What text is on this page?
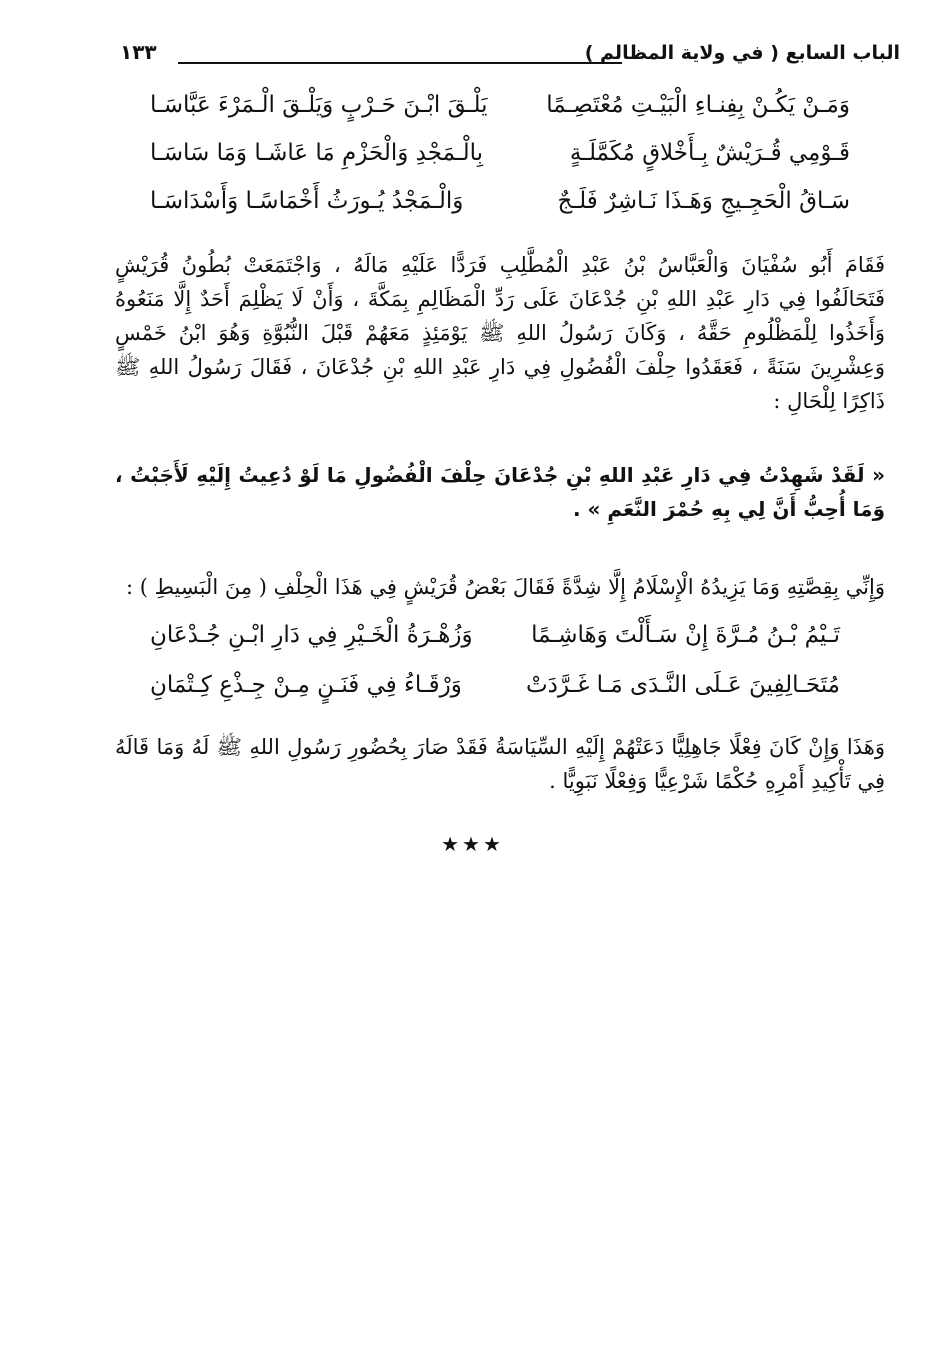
الباب السابع ( في ولاية المظالم )
١٣٣
وَمَـنْ يَكُـنْ بِفِنـاءِ الْبَيْـتِ مُعْتَصِـمًا
يَلْـقَ ابْـنَ حَـرْبٍ وَيَلْـقَ الْـمَرْءَ عَبَّاسَـا
قَـوْمِي قُـرَيْشٌ بِـأَخْلاقٍ مُكَمَّلَـةٍ
بِالْـمَجْدِ وَالْحَزْمِ مَا عَاشَـا وَمَا سَاسَـا
سَـاقُ الْحَجِـيجِ وَهَـذَا نَـاشِرٌ فَلَـجٌ
وَالْـمَجْدُ يُـورَثُ أَخْمَاسًـا وَأَسْدَاسَـا

فَقَامَ أَبُو سُفْيَانَ وَالْعَبَّاسُ بْنُ عَبْدِ الْمُطَّلِبِ فَرَدًّا عَلَيْهِ مَالَهُ ، وَاجْتَمَعَتْ بُطُونُ قُرَيْشٍ فَتَحَالَفُوا فِي دَارِ عَبْدِ اللهِ بْنِ جُدْعَانَ عَلَى رَدِّ الْمَظَالِمِ بِمَكَّةَ ، وَأَنْ لَا يَظْلِمَ أَحَدٌ إِلَّا مَنَعُوهُ وَأَخَذُوا لِلْمَظْلُومِ حَقَّهُ ، وَكَانَ رَسُولُ اللهِ ﷺ يَوْمَئِذٍ مَعَهُمْ قَبْلَ النُّبُوَّةِ وَهُوَ ابْنُ خَمْسٍ وَعِشْرِينَ سَنَةً ، فَعَقَدُوا حِلْفَ الْفُضُولِ فِي دَارِ عَبْدِ اللهِ بْنِ جُدْعَانَ ، فَقَالَ رَسُولُ اللهِ ﷺ ذَاكِرًا لِلْحَالِ :

« لَقَدْ شَهِدْتُ فِي دَارِ عَبْدِ اللهِ بْنِ جُدْعَانَ حِلْفَ الْفُضُولِ مَا لَوْ دُعِيتُ إِلَيْهِ لَأَجَبْتُ ، وَمَا أُحِبُّ أَنَّ لِي بِهِ حُمْرَ النَّعَمِ » .

وَإِنِّي بِقِصَّتِهِ وَمَا يَزِيدُهُ الْإِسْلَامُ إِلَّا شِدَّةً فَقَالَ بَعْضُ قُرَيْشٍ فِي هَذَا الْحِلْفِ ( مِنَ الْبَسِيطِ ) :

تَـيْمُ بْـنُ مُـرَّةَ إِنْ سَـأَلْتَ وَهَاشِـمًا
وَزُهْـرَةُ الْخَـيْرِ فِي دَارِ ابْـنِ جُـدْعَانِ
مُتَحَـالِفِينَ عَـلَى النَّـدَى مَـا غَـرَّدَتْ
وَرْقَـاءُ فِي فَنَـنٍ مِـنْ جِـذْعِ كِـتْمَانِ

وَهَذَا وَإِنْ كَانَ فِعْلًا جَاهِلِيًّا دَعَتْهُمْ إِلَيْهِ السِّيَاسَةُ فَقَدْ صَارَ بِحُضُورِ رَسُولِ اللهِ ﷺ لَهُ وَمَا قَالَهُ فِي تَأْكِيدِ أَمْرِهِ حُكْمًا شَرْعِيًّا وَفِعْلًا نَبَوِيًّا .

★★★
